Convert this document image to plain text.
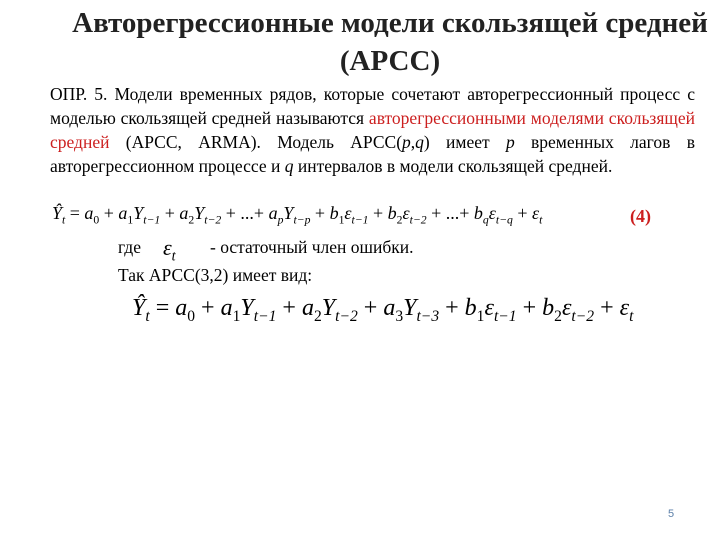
Авторегрессионные модели скользящей средней (АРСС)
ОПР. 5. Модели временных рядов, которые сочетают авторегрессионный процесс с моделью скользящей средней называются авторегрессионными моделями скользящей средней (АРСС, ARMA). Модель АРСС(p,q) имеет p временных лагов в авторегрессионном процессе и q интервалов в модели скользящей средней.
$Ŷ_t = a_0 + a_1Y_{t-1} + a_2Y_{t-2}$ + ...+ $a_pY_{t-p} + b_1\varepsilon_{t-1} + b_2\varepsilon_{t-2}$ + ...+ $b_q\varepsilon_{t-q} + \varepsilon_t$	(4)
где $\varepsilon_t$ - остаточный член ошибки.
Так АРСС(3,2) имеет вид:
$Ŷ_t = a_0 + a_1Y_{t-1} + a_2Y_{t-2} + a_3Y_{t-3} + b_1\varepsilon_{t-1} + b_2\varepsilon_{t-2} + \varepsilon_t$
5
